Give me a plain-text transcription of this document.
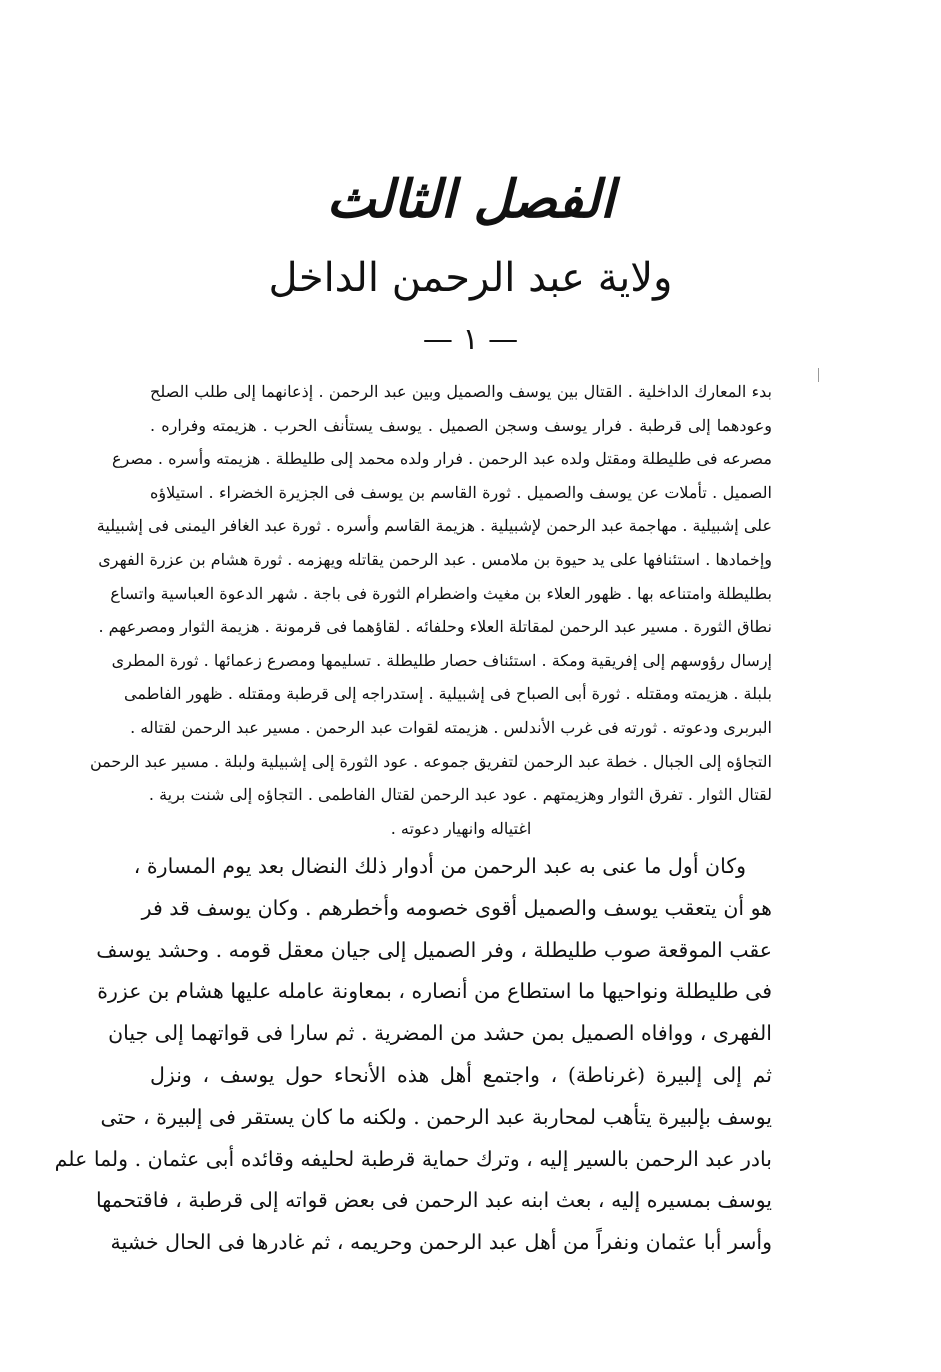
الفصل الثالث
ولاية عبد الرحمن الداخل
— ١ —
بدء المعارك الداخلية . القتال بين يوسف والصميل وبين عبد الرحمن . إذعانهما إلى طلب الصلح
وعودهما إلى قرطبة . فرار يوسف وسجن الصميل . يوسف يستأنف الحرب . هزيمته وفراره .
مصرعه فى طليطلة ومقتل ولده عبد الرحمن . فرار ولده محمد إلى طليطلة . هزيمته وأسره . مصرع
الصميل . تأملات عن يوسف والصميل . ثورة القاسم بن يوسف فى الجزيرة الخضراء . استيلاؤه
على إشبيلية . مهاجمة عبد الرحمن لإشبيلية . هزيمة القاسم وأسره . ثورة عبد الغافر اليمنى فى إشبيلية
وإخمادها . استئنافها على يد حيوة بن ملامس . عبد الرحمن يقاتله ويهزمه . ثورة هشام بن عزرة الفهرى
بطليطلة وامتناعه بها . ظهور العلاء بن مغيث واضطرام الثورة فى باجة . شهر الدعوة العباسية واتساع
نطاق الثورة . مسير عبد الرحمن لمقاتلة العلاء وحلفائه . لقاؤهما فى قرمونة . هزيمة الثوار ومصرعهم .
إرسال رؤوسهم إلى إفريقية ومكة . استئناف حصار طليطلة . تسليمها ومصرع زعمائها . ثورة المطرى
بلبلة . هزيمته ومقتله . ثورة أبى الصباح فى إشبيلية . إستدراجه إلى قرطبة ومقتله . ظهور الفاطمى
البربرى ودعوته . ثورته فى غرب الأندلس . هزيمته لقوات عبد الرحمن . مسير عبد الرحمن لقتاله .
التجاؤه إلى الجبال . خطة عبد الرحمن لتفريق جموعه . عود الثورة إلى إشبيلية ولبلة . مسير عبد الرحمن
لقتال الثوار . تفرق الثوار وهزيمتهم . عود عبد الرحمن لقتال الفاطمى . التجاؤه إلى شنت برية .
اغتياله وانهيار دعوته .
وكان أول ما عنى به عبد الرحمن من أدوار ذلك النضال بعد يوم المسارة ،
هو أن يتعقب يوسف والصميل أقوى خصومه وأخطرهم . وكان يوسف قد فر
عقب الموقعة صوب طليطلة ، وفر الصميل إلى جيان معقل قومه . وحشد يوسف
فى طليطلة ونواحيها ما استطاع من أنصاره ، بمعاونة عامله عليها هشام بن عزرة
الفهرى ، ووافاه الصميل بمن حشد من المضرية . ثم سارا فى قواتهما إلى جيان
ثم إلى إلبيرة (غرناطة) ، واجتمع أهل هذه الأنحاء حول يوسف ، ونزل
يوسف بإلبيرة يتأهب لمحاربة عبد الرحمن . ولكنه ما كان يستقر فى إلبيرة ، حتى
بادر عبد الرحمن بالسير إليه ، وترك حماية قرطبة لحليفه وقائده أبى عثمان . ولما علم
يوسف بمسيره إليه ، بعث ابنه عبد الرحمن فى بعض قواته إلى قرطبة ، فاقتحمها
وأسر أبا عثمان ونفراً من أهل عبد الرحمن وحريمه ، ثم غادرها فى الحال خشية
